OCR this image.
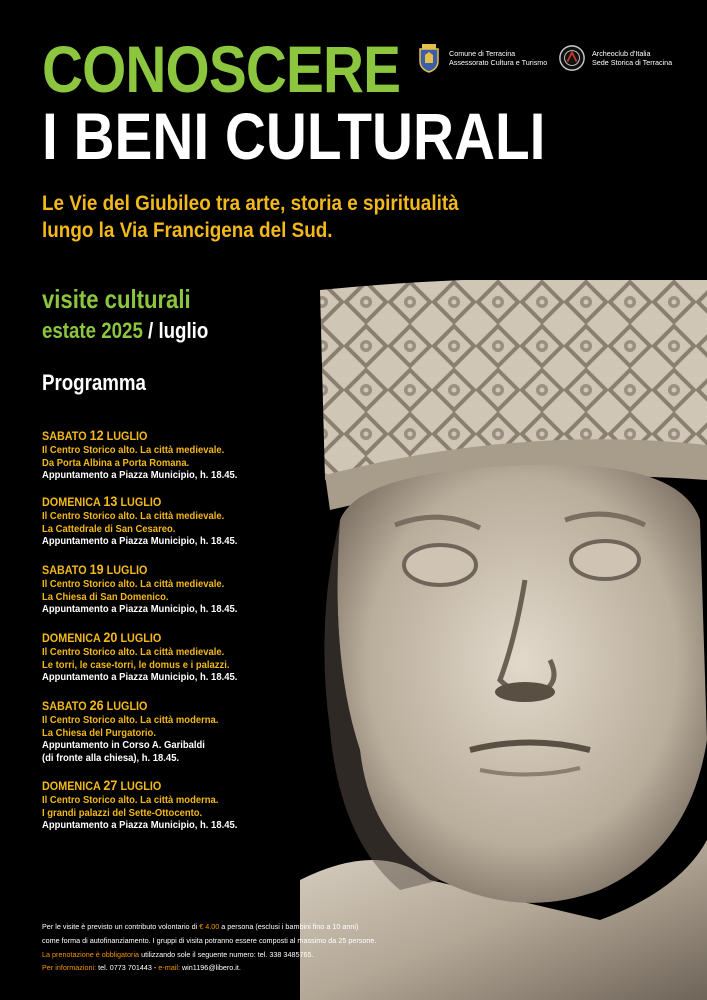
CONOSCERE
I BENI CULTURALI
Comune di Terracina
Assessorato Cultura e Turismo
Archeoclub d'Italia
Sede Storica di Terracina
Le Vie del Giubileo tra arte, storia e spiritualità
lungo la Via Francigena del Sud.
visite culturali
estate 2025 / luglio
Programma
SABATO 12 LUGLIO
Il Centro Storico alto. La città medievale.
Da Porta Albina a Porta Romana.
Appuntamento a Piazza Municipio, h. 18.45.
DOMENICA 13 LUGLIO
Il Centro Storico alto. La città medievale.
La Cattedrale di San Cesareo.
Appuntamento a Piazza Municipio, h. 18.45.
SABATO 19 LUGLIO
Il Centro Storico alto. La città medievale.
La Chiesa di San Domenico.
Appuntamento a Piazza Municipio, h. 18.45.
DOMENICA 20 LUGLIO
Il Centro Storico alto. La città medievale.
Le torri, le case-torri, le domus e i palazzi.
Appuntamento a Piazza Municipio, h. 18.45.
SABATO 26 LUGLIO
Il Centro Storico alto. La città moderna.
La Chiesa del Purgatorio.
Appuntamento in Corso A. Garibaldi
(di fronte alla chiesa), h. 18.45.
DOMENICA 27 LUGLIO
Il Centro Storico alto. La città moderna.
I grandi palazzi del Sette-Ottocento.
Appuntamento a Piazza Municipio, h. 18.45.
Per le visite è previsto un contributo volontario di € 4.00 a persona (esclusi i bambini fino a 10 anni)
come forma di autofinanziamento. I gruppi di visita potranno essere composti al massimo da 25 persone.
La prenotazione è obbligatoria utilizzando sole il seguente numero: tel. 338 3485765.
Per informazioni: tel. 0773 701443 - e-mail: win1196@libero.it.
